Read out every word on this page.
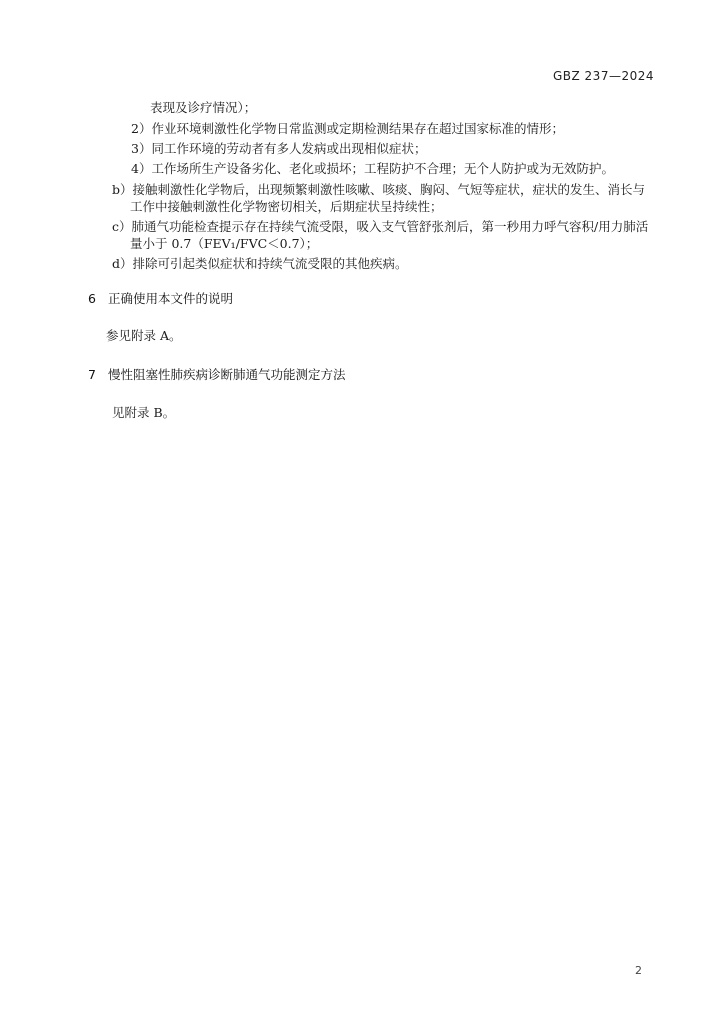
GBZ 237—2024
表现及诊疗情况）；
2）作业环境刺激性化学物日常监测或定期检测结果存在超过国家标准的情形；
3）同工作环境的劳动者有多人发病或出现相似症状；
4）工作场所生产设备劣化、老化或损坏；工程防护不合理；无个人防护或为无效防护。
b）接触刺激性化学物后，出现频繁刺激性咳嗽、咳痰、胸闷、气短等症状，症状的发生、消长与
工作中接触刺激性化学物密切相关，后期症状呈持续性；
c）肺通气功能检查提示存在持续气流受限，吸入支气管舒张剂后，第一秒用力呼气容积/用力肺活
量小于 0.7（FEV₁/FVC＜0.7）；
d）排除可引起类似症状和持续气流受限的其他疾病。
6 正确使用本文件的说明
参见附录 A。
7 慢性阻塞性肺疾病诊断肺通气功能测定方法
见附录 B。
2
